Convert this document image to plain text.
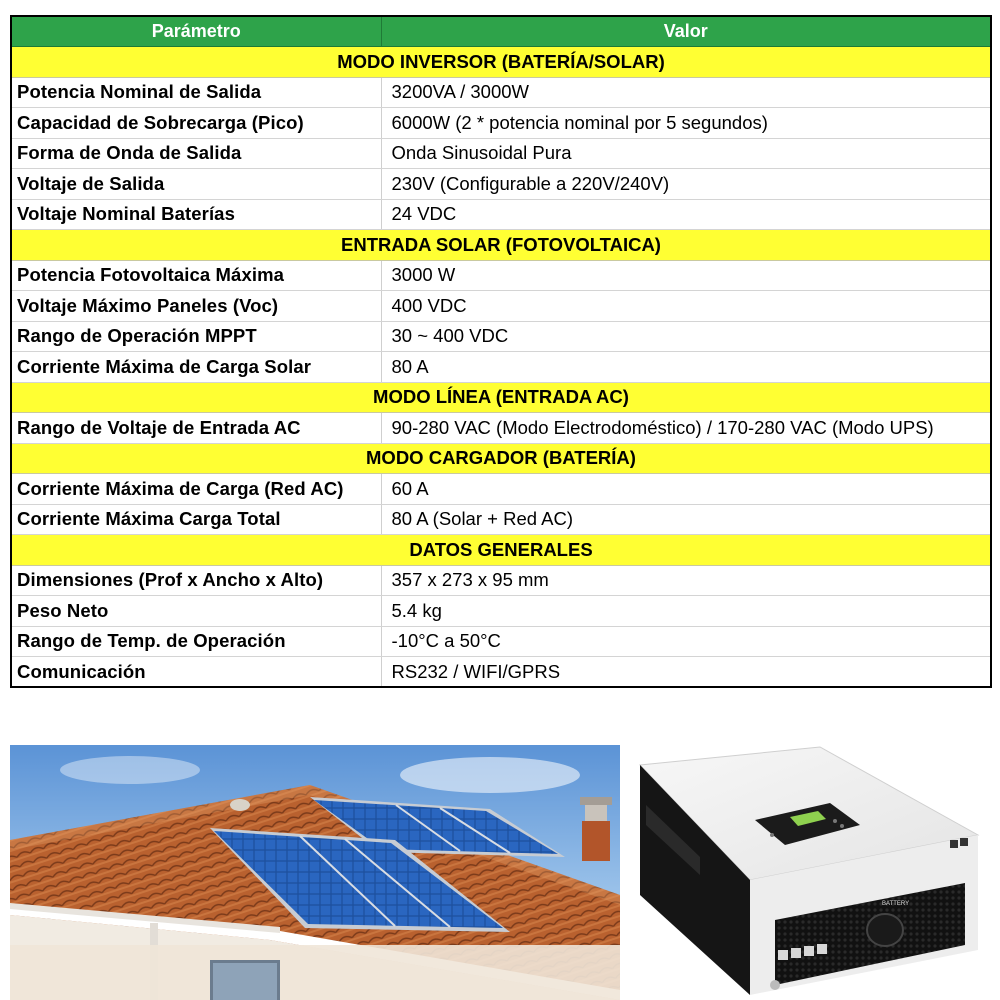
Parámetro	Valor
MODO INVERSOR (BATERÍA/SOLAR)	
Potencia Nominal de Salida	3200VA / 3000W
Capacidad de Sobrecarga (Pico)	6000W (2 * potencia nominal por 5 segundos)
Forma de Onda de Salida	Onda Sinusoidal Pura
Voltaje de Salida	230V (Configurable a 220V/240V)
Voltaje Nominal Baterías	24 VDC
ENTRADA SOLAR (FOTOVOLTAICA)	
Potencia Fotovoltaica Máxima	3000 W
Voltaje Máximo Paneles (Voc)	400 VDC
Rango de Operación MPPT	30 ~ 400 VDC
Corriente Máxima de Carga Solar	80 A
MODO LÍNEA (ENTRADA AC)	
Rango de Voltaje de Entrada AC	90-280 VAC (Modo Electrodoméstico) / 170-280 VAC (Modo UPS)
MODO CARGADOR (BATERÍA)	
Corriente Máxima de Carga (Red AC)	60 A
Corriente Máxima Carga Total	80 A (Solar + Red AC)
DATOS GENERALES	
Dimensiones (Prof x Ancho x Alto)	357 x 273 x 95 mm
Peso Neto	5.4 kg
Rango de Temp. de Operación	-10°C a 50°C
Comunicación	RS232 / WIFI/GPRS
BATTERY
